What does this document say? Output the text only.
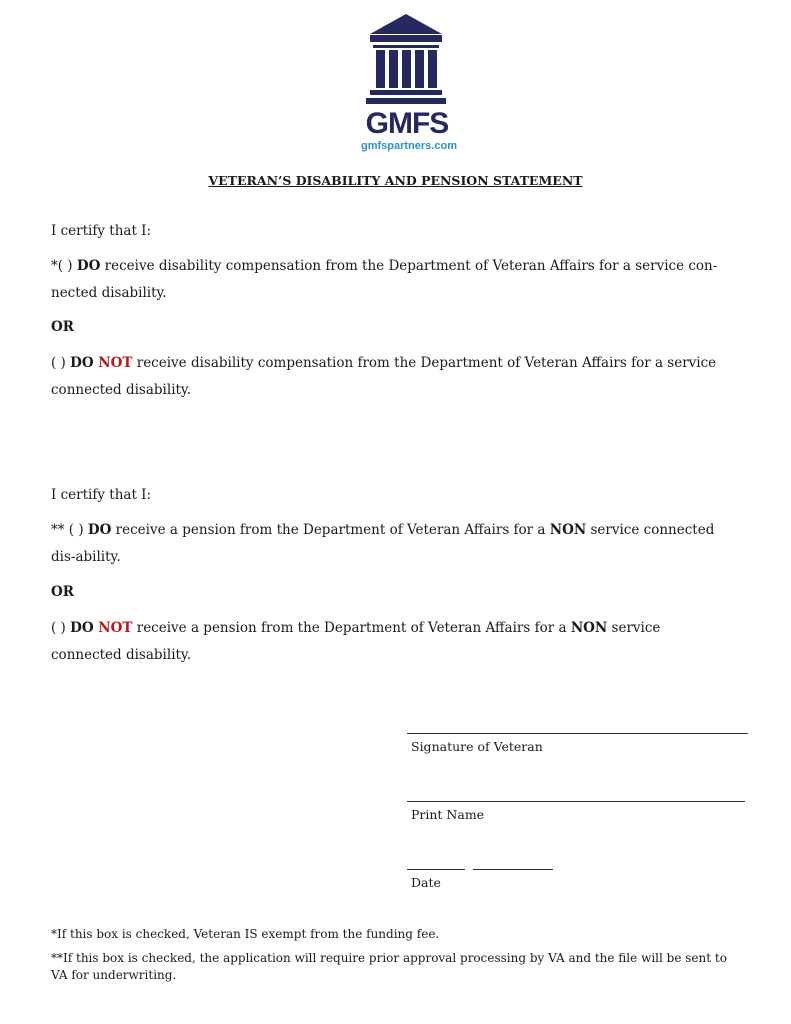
GMFS
gmfspartners.com

VETERAN’S DISABILITY AND PENSION STATEMENT

I certify that I:

*( ) DO receive disability compensation from the Department of Veteran Affairs for a service con-nected disability.

OR

( ) DO NOT receive disability compensation from the Department of Veteran Affairs for a service connected disability.

I certify that I:

** ( ) DO receive a pension from the Department of Veteran Affairs for a NON service connected dis-ability.

OR

( ) DO NOT receive a pension from the Department of Veteran Affairs for a NON service connected disability.

Signature of Veteran

Print Name

Date

*If this box is checked, Veteran IS exempt from the funding fee.

**If this box is checked, the application will require prior approval processing by VA and the file will be sent to VA for underwriting.
